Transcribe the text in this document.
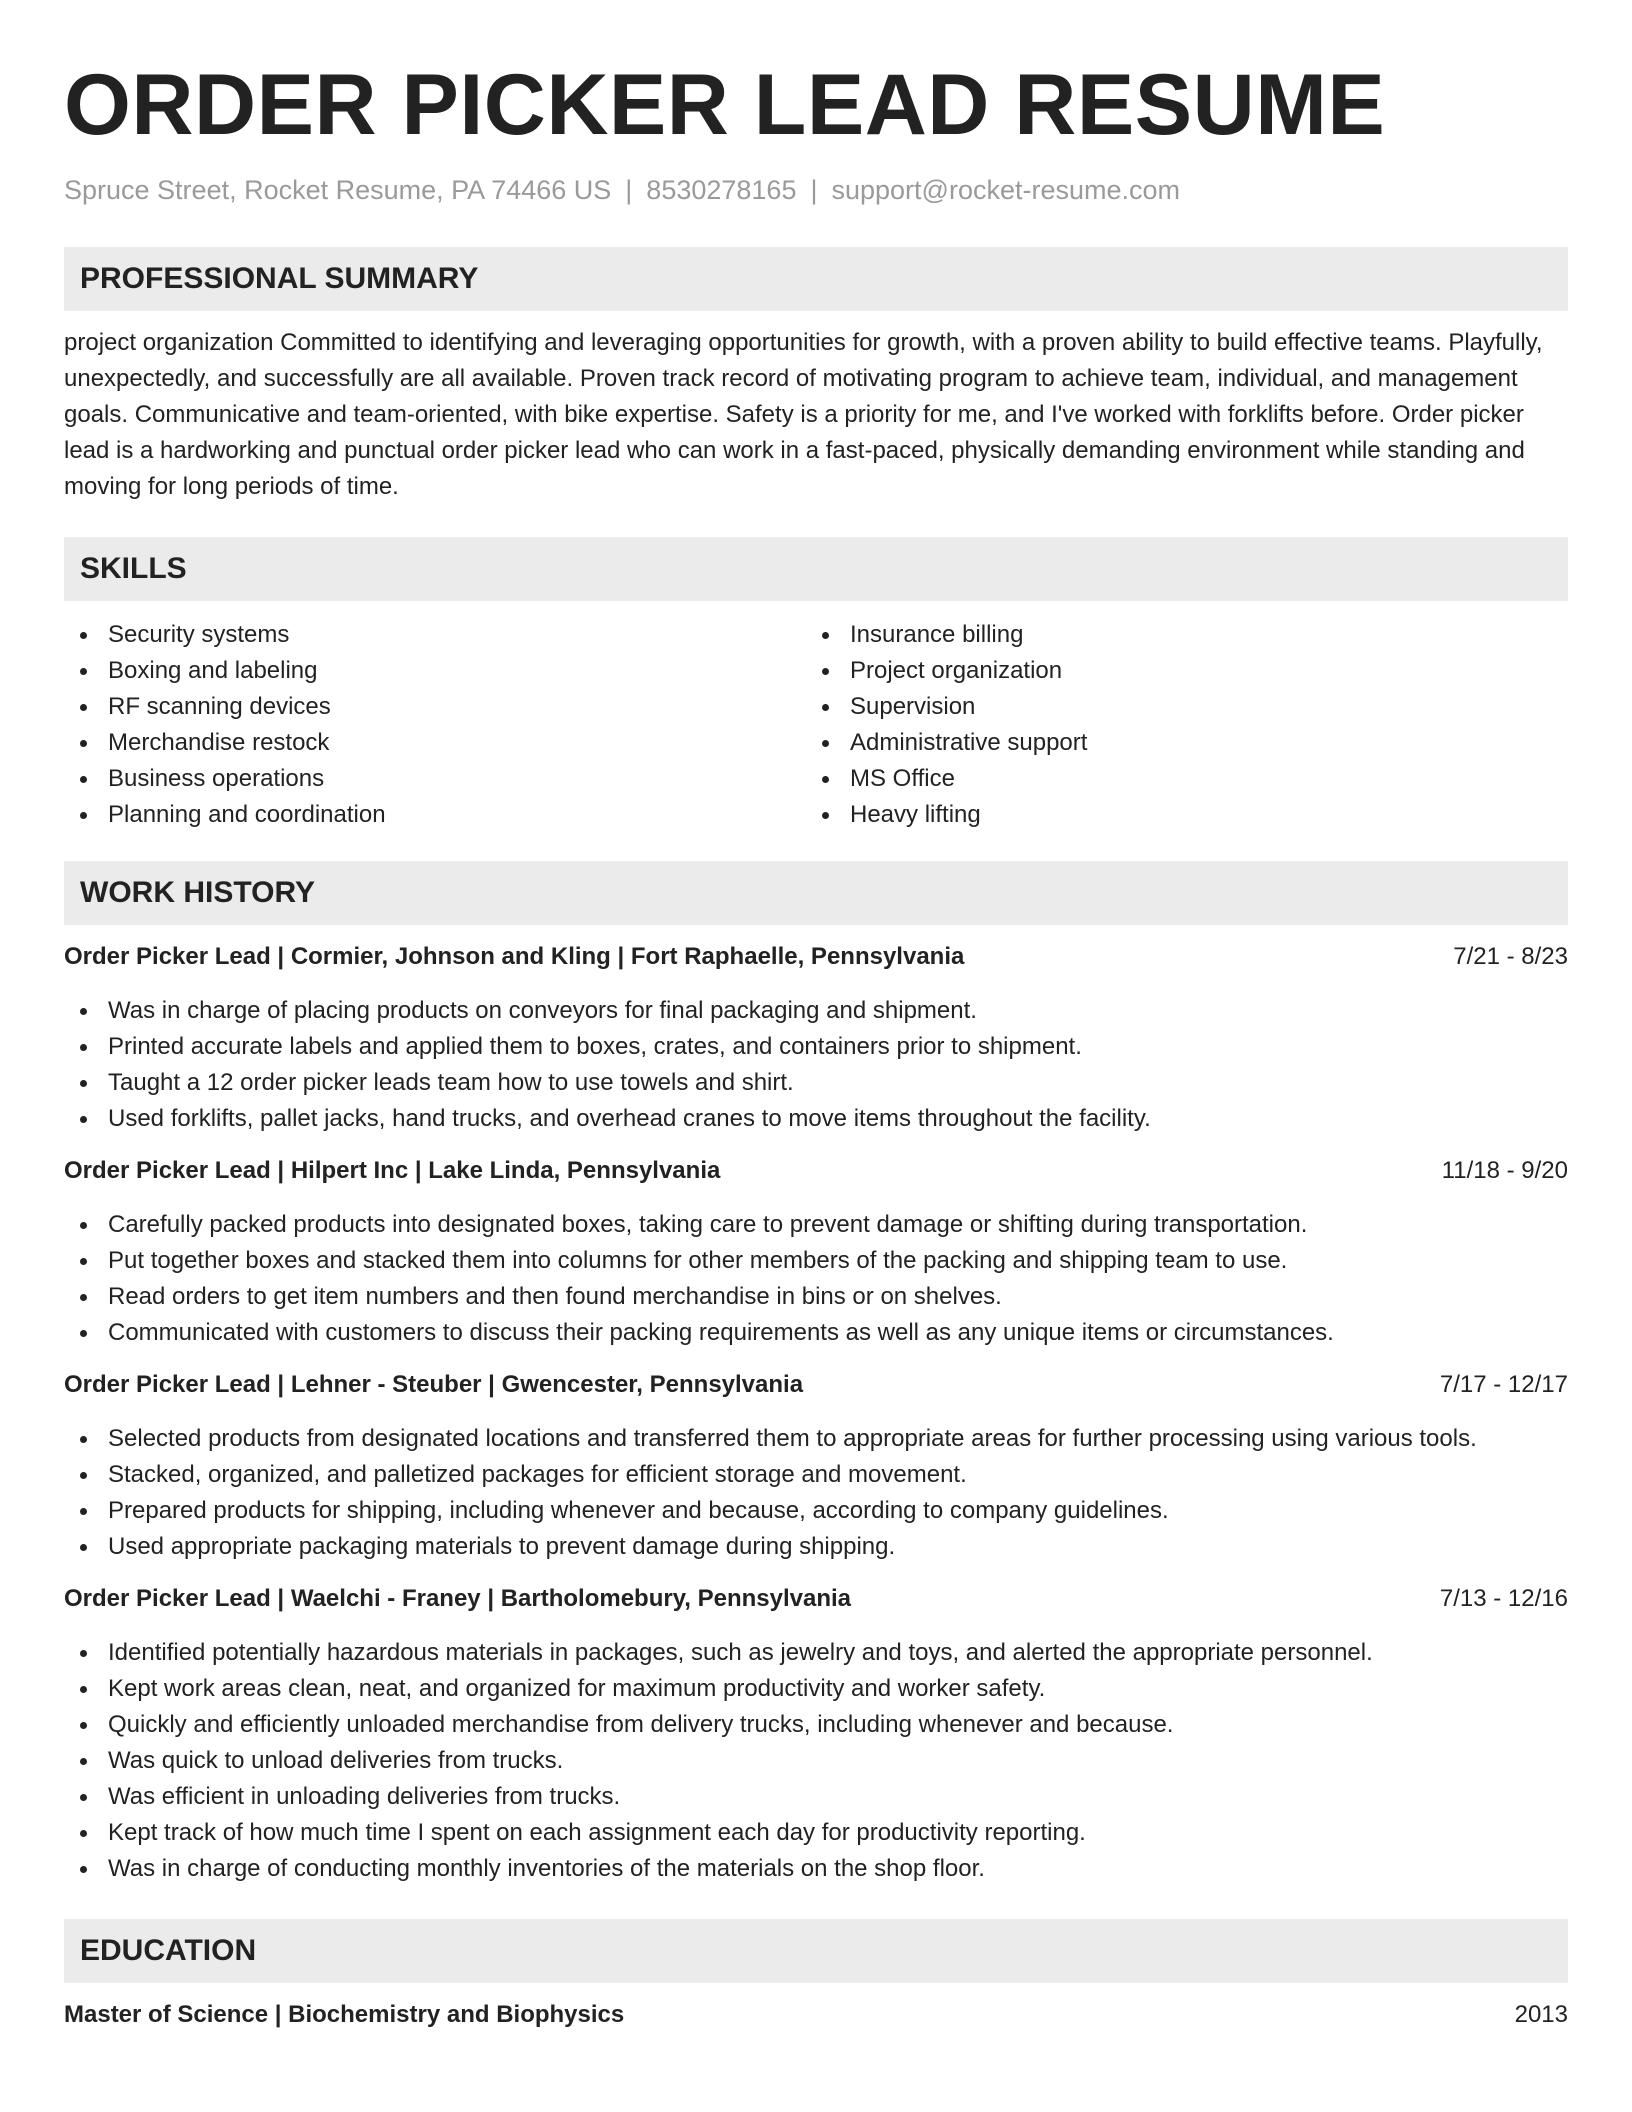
ORDER PICKER LEAD RESUME
Spruce Street, Rocket Resume, PA 74466 US | 8530278165 | support@rocket-resume.com
PROFESSIONAL SUMMARY

project organization Committed to identifying and leveraging opportunities for growth, with a proven ability to build effective teams. Playfully, unexpectedly, and successfully are all available. Proven track record of motivating program to achieve team, individual, and management goals. Communicative and team-oriented, with bike expertise. Safety is a priority for me, and I've worked with forklifts before. Order picker lead is a hardworking and punctual order picker lead who can work in a fast-paced, physically demanding environment while standing and moving for long periods of time.

SKILLS
Security systems
Boxing and labeling
RF scanning devices
Merchandise restock
Business operations
Planning and coordination
Insurance billing
Project organization
Supervision
Administrative support
MS Office
Heavy lifting
WORK HISTORY
Order Picker Lead | Cormier, Johnson and Kling | Fort Raphaelle, Pennsylvania	7/21 - 8/23
Was in charge of placing products on conveyors for final packaging and shipment.
Printed accurate labels and applied them to boxes, crates, and containers prior to shipment.
Taught a 12 order picker leads team how to use towels and shirt.
Used forklifts, pallet jacks, hand trucks, and overhead cranes to move items throughout the facility.
Order Picker Lead | Hilpert Inc | Lake Linda, Pennsylvania	11/18 - 9/20
Carefully packed products into designated boxes, taking care to prevent damage or shifting during transportation.
Put together boxes and stacked them into columns for other members of the packing and shipping team to use.
Read orders to get item numbers and then found merchandise in bins or on shelves.
Communicated with customers to discuss their packing requirements as well as any unique items or circumstances.
Order Picker Lead | Lehner - Steuber | Gwencester, Pennsylvania	7/17 - 12/17
Selected products from designated locations and transferred them to appropriate areas for further processing using various tools.
Stacked, organized, and palletized packages for efficient storage and movement.
Prepared products for shipping, including whenever and because, according to company guidelines.
Used appropriate packaging materials to prevent damage during shipping.
Order Picker Lead | Waelchi - Franey | Bartholomebury, Pennsylvania	7/13 - 12/16
Identified potentially hazardous materials in packages, such as jewelry and toys, and alerted the appropriate personnel.
Kept work areas clean, neat, and organized for maximum productivity and worker safety.
Quickly and efficiently unloaded merchandise from delivery trucks, including whenever and because.
Was quick to unload deliveries from trucks.
Was efficient in unloading deliveries from trucks.
Kept track of how much time I spent on each assignment each day for productivity reporting.
Was in charge of conducting monthly inventories of the materials on the shop floor.
EDUCATION
Master of Science | Biochemistry and Biophysics	2013
